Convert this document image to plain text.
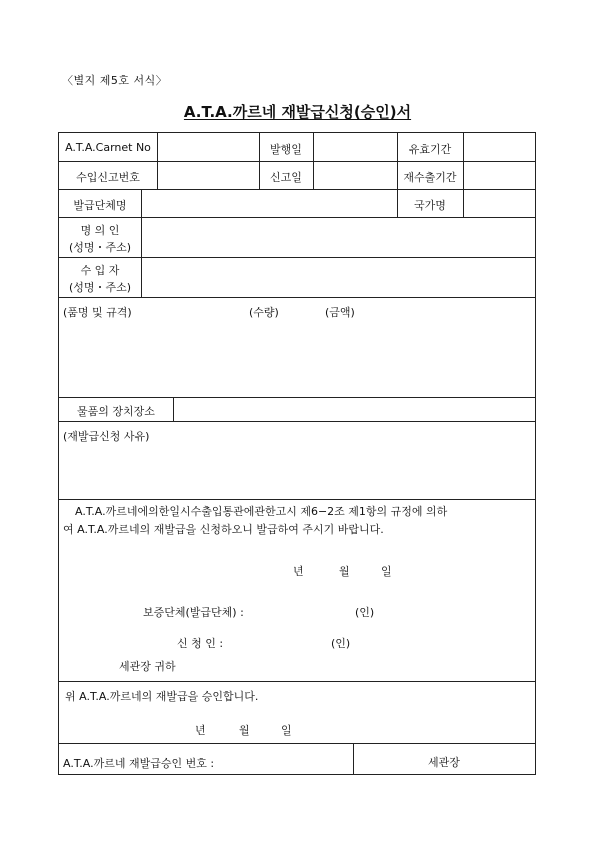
〈별지 제5호 서식〉
A.T.A.까르네 재발급신청(승인)서
A.T.A.Carnet No	발행일	유효기간
수입신고번호	신고일	재수출기간
발급단체명	국가명
명 의 인
(성명・주소)
수 입 자
(성명・주소)
(품명 및 규격)	(수량)	(금액)
물품의 장치장소
(재발급신청 사유)
A.T.A.까르네에의한일시수출입통관에관한고시 제6−2조 제1항의 규정에 의하
여 A.T.A.까르네의 재발급을 신청하오니 발급하여 주시기 바랍니다.
년	월	일
보증단체(발급단체) :	(인)
신 청 인 :	(인)
세관장 귀하
위 A.T.A.까르네의 재발급을 승인합니다.
년	월	일
A.T.A.까르네 재발급승인 번호 :	세관장
